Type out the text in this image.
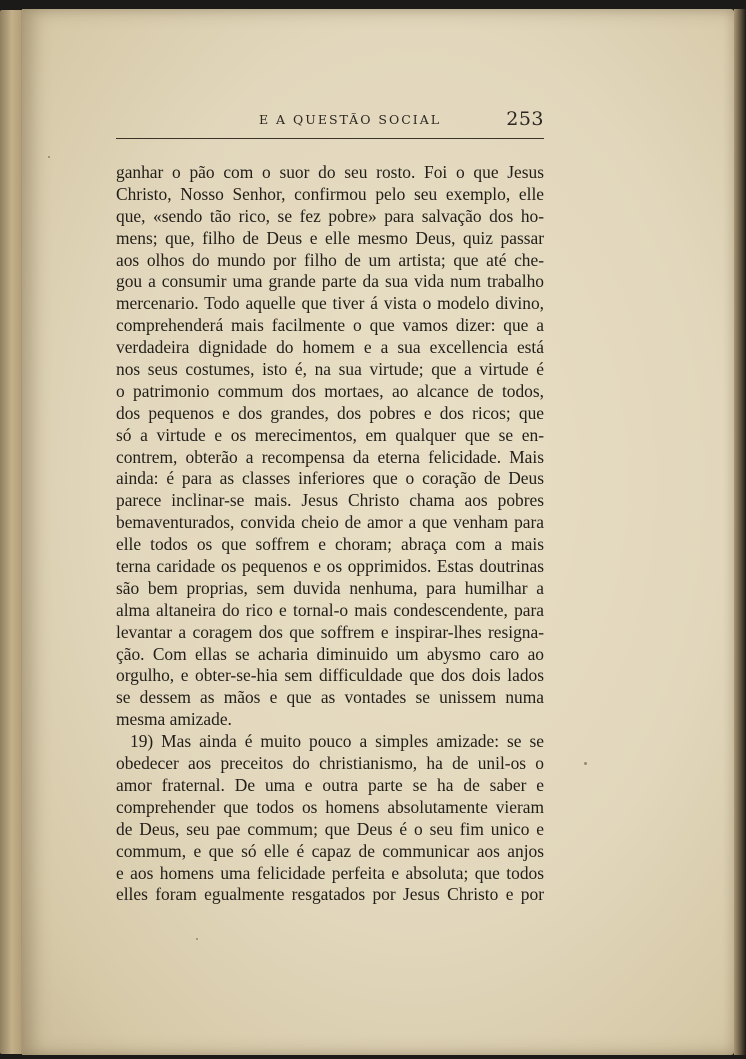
E A QUESTÃO SOCIAL	253
ganhar o pão com o suor do seu rosto. Foi o que Jesus
Christo, Nosso Senhor, confirmou pelo seu exemplo, elle
que, «sendo tão rico, se fez pobre» para salvação dos ho-
mens; que, filho de Deus e elle mesmo Deus, quiz passar
aos olhos do mundo por filho de um artista; que até che-
gou a consumir uma grande parte da sua vida num trabalho
mercenario. Todo aquelle que tiver á vista o modelo divino,
comprehenderá mais facilmente o que vamos dizer: que a
verdadeira dignidade do homem e a sua excellencia está
nos seus costumes, isto é, na sua virtude; que a virtude é
o patrimonio commum dos mortaes, ao alcance de todos,
dos pequenos e dos grandes, dos pobres e dos ricos; que
só a virtude e os merecimentos, em qualquer que se en-
contrem, obterão a recompensa da eterna felicidade. Mais
ainda: é para as classes inferiores que o coração de Deus
parece inclinar-se mais. Jesus Christo chama aos pobres
bemaventurados, convida cheio de amor a que venham para
elle todos os que soffrem e choram; abraça com a mais
terna caridade os pequenos e os opprimidos. Estas doutrinas
são bem proprias, sem duvida nenhuma, para humilhar a
alma altaneira do rico e tornal-o mais condescendente, para
levantar a coragem dos que soffrem e inspirar-lhes resigna-
ção. Com ellas se acharia diminuido um abysmo caro ao
orgulho, e obter-se-hia sem difficuldade que dos dois lados
se dessem as mãos e que as vontades se unissem numa
mesma amizade.
19) Mas ainda é muito pouco a simples amizade: se se
obedecer aos preceitos do christianismo, ha de unil-os o
amor fraternal. De uma e outra parte se ha de saber e
comprehender que todos os homens absolutamente vieram
de Deus, seu pae commum; que Deus é o seu fim unico e
commum, e que só elle é capaz de communicar aos anjos
e aos homens uma felicidade perfeita e absoluta; que todos
elles foram egualmente resgatados por Jesus Christo e por
